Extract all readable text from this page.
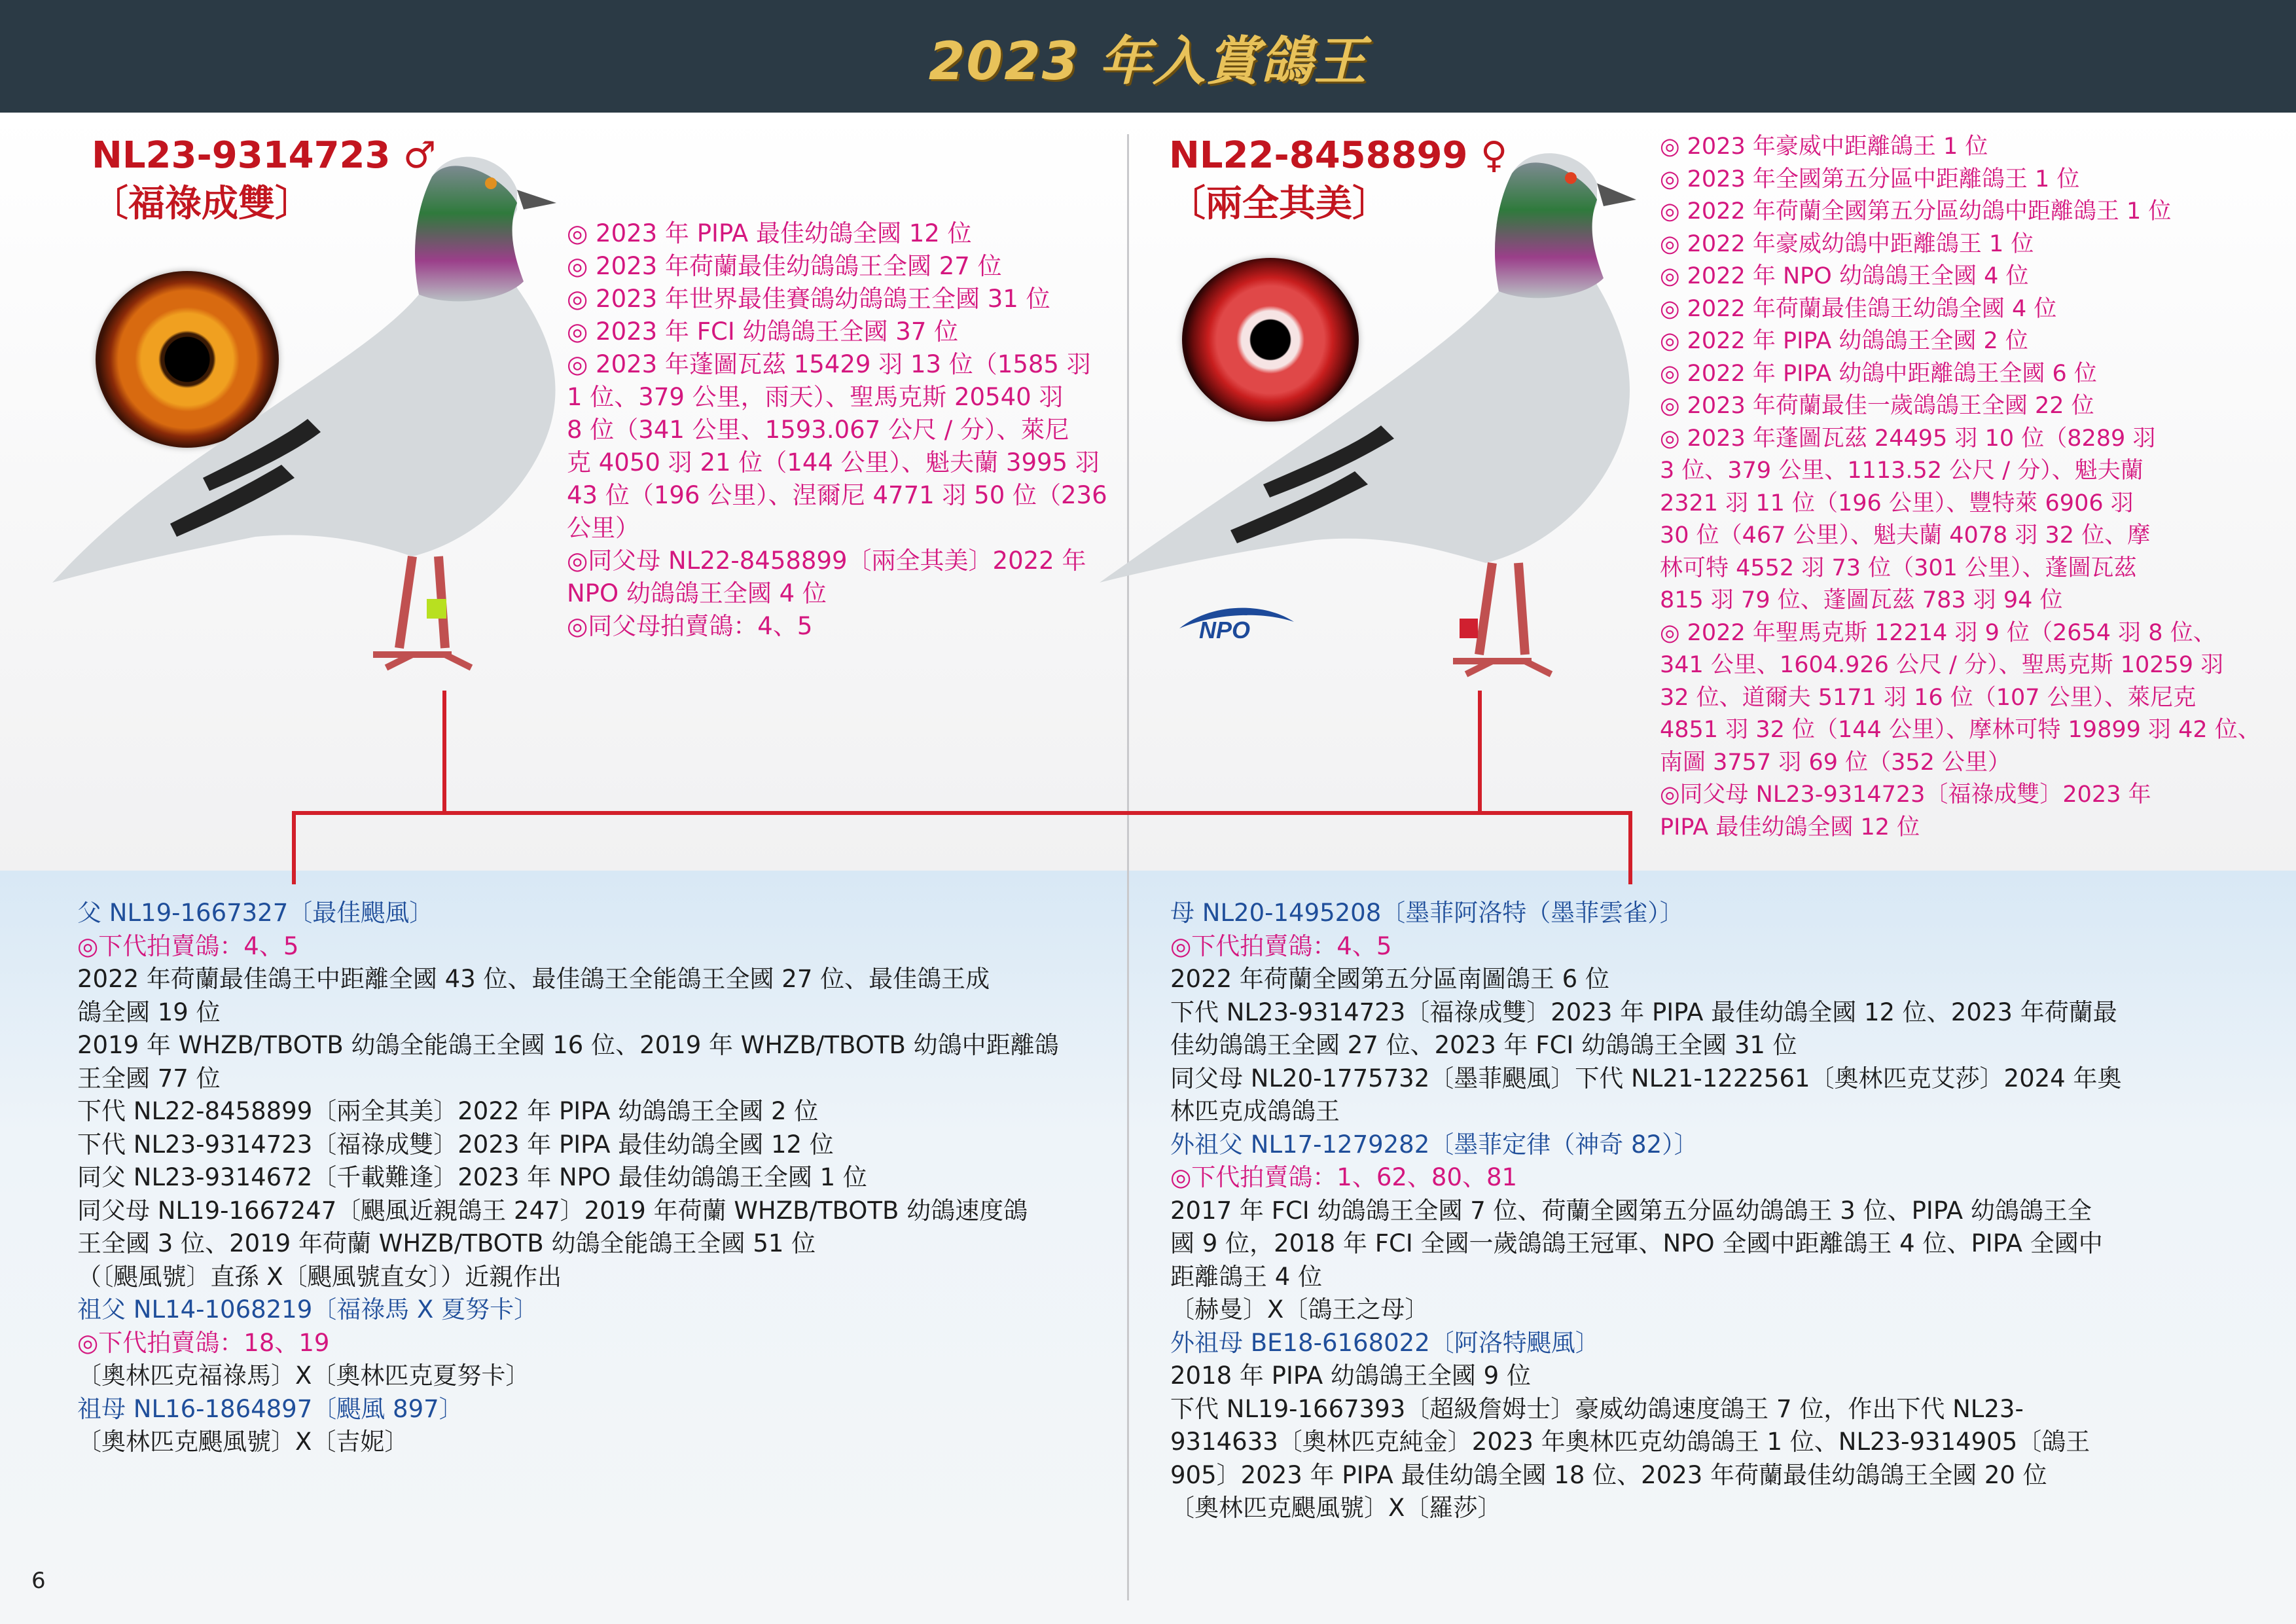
2023 年入賞鴿王
NL23-9314723 ♂
〔福祿成雙〕
◎ 2023 年 PIPA 最佳幼鴿全國 12 位
◎ 2023 年荷蘭最佳幼鴿鴿王全國 27 位
◎ 2023 年世界最佳賽鴿幼鴿鴿王全國 31 位
◎ 2023 年 FCI 幼鴿鴿王全國 37 位
◎ 2023 年蓬圖瓦茲 15429 羽 13 位（1585 羽
1 位、379 公里，雨天）、聖馬克斯 20540 羽
8 位（341 公里、1593.067 公尺 / 分）、萊尼
克 4050 羽 21 位（144 公里）、魁夫蘭 3995 羽
43 位（196 公里）、涅爾尼 4771 羽 50 位（236
公里）
◎同父母 NL22-8458899〔兩全其美〕2022 年
NPO 幼鴿鴿王全國 4 位
◎同父母拍賣鴿：4、5
NL22-8458899 ♀
〔兩全其美〕
NPO
◎ 2023 年豪威中距離鴿王 1 位
◎ 2023 年全國第五分區中距離鴿王 1 位
◎ 2022 年荷蘭全國第五分區幼鴿中距離鴿王 1 位
◎ 2022 年豪威幼鴿中距離鴿王 1 位
◎ 2022 年 NPO 幼鴿鴿王全國 4 位
◎ 2022 年荷蘭最佳鴿王幼鴿全國 4 位
◎ 2022 年 PIPA 幼鴿鴿王全國 2 位
◎ 2022 年 PIPA 幼鴿中距離鴿王全國 6 位
◎ 2023 年荷蘭最佳一歲鴿鴿王全國 22 位
◎ 2023 年蓬圖瓦茲 24495 羽 10 位（8289 羽
3 位、379 公里、1113.52 公尺 / 分）、魁夫蘭
2321 羽 11 位（196 公里）、豐特萊 6906 羽
30 位（467 公里）、魁夫蘭 4078 羽 32 位、摩
林可特 4552 羽 73 位（301 公里）、蓬圖瓦茲
815 羽 79 位、蓬圖瓦茲 783 羽 94 位
◎ 2022 年聖馬克斯 12214 羽 9 位（2654 羽 8 位、
341 公里、1604.926 公尺 / 分）、聖馬克斯 10259 羽
32 位、道爾夫 5171 羽 16 位（107 公里）、萊尼克
4851 羽 32 位（144 公里）、摩林可特 19899 羽 42 位、
南圖 3757 羽 69 位（352 公里）
◎同父母 NL23-9314723〔福祿成雙〕2023 年
PIPA 最佳幼鴿全國 12 位
父 NL19-1667327〔最佳颶風〕
◎下代拍賣鴿：4、5
2022 年荷蘭最佳鴿王中距離全國 43 位、最佳鴿王全能鴿王全國 27 位、最佳鴿王成
鴿全國 19 位
2019 年 WHZB/TBOTB 幼鴿全能鴿王全國 16 位、2019 年 WHZB/TBOTB 幼鴿中距離鴿
王全國 77 位
下代 NL22-8458899〔兩全其美〕2022 年 PIPA 幼鴿鴿王全國 2 位
下代 NL23-9314723〔福祿成雙〕2023 年 PIPA 最佳幼鴿全國 12 位
同父 NL23-9314672〔千載難逢〕2023 年 NPO 最佳幼鴿鴿王全國 1 位
同父母 NL19-1667247〔颶風近親鴿王 247〕2019 年荷蘭 WHZB/TBOTB 幼鴿速度鴿
王全國 3 位、2019 年荷蘭 WHZB/TBOTB 幼鴿全能鴿王全國 51 位
（〔颶風號〕直孫 X〔颶風號直女〕）近親作出
祖父 NL14-1068219〔福祿馬 X 夏努卡〕
◎下代拍賣鴿：18、19
〔奧林匹克福祿馬〕X〔奧林匹克夏努卡〕
祖母 NL16-1864897〔颶風 897〕
〔奧林匹克颶風號〕X〔吉妮〕
母 NL20-1495208〔墨菲阿洛特（墨菲雲雀）〕
◎下代拍賣鴿：4、5
2022 年荷蘭全國第五分區南圖鴿王 6 位
下代 NL23-9314723〔福祿成雙〕2023 年 PIPA 最佳幼鴿全國 12 位、2023 年荷蘭最
佳幼鴿鴿王全國 27 位、2023 年 FCI 幼鴿鴿王全國 31 位
同父母 NL20-1775732〔墨菲颶風〕下代 NL21-1222561〔奧林匹克艾莎〕2024 年奧
林匹克成鴿鴿王
外祖父 NL17-1279282〔墨菲定律（神奇 82）〕
◎下代拍賣鴿：1、62、80、81
2017 年 FCI 幼鴿鴿王全國 7 位、荷蘭全國第五分區幼鴿鴿王 3 位、PIPA 幼鴿鴿王全
國 9 位，2018 年 FCI 全國一歲鴿鴿王冠軍、NPO 全國中距離鴿王 4 位、PIPA 全國中
距離鴿王 4 位
〔赫曼〕X〔鴿王之母〕
外祖母 BE18-6168022〔阿洛特颶風〕
2018 年 PIPA 幼鴿鴿王全國 9 位
下代 NL19-1667393〔超級詹姆士〕豪威幼鴿速度鴿王 7 位，作出下代 NL23-
9314633〔奧林匹克純金〕2023 年奧林匹克幼鴿鴿王 1 位、NL23-9314905〔鴿王
905〕2023 年 PIPA 最佳幼鴿全國 18 位、2023 年荷蘭最佳幼鴿鴿王全國 20 位
〔奧林匹克颶風號〕X〔羅莎〕
6
